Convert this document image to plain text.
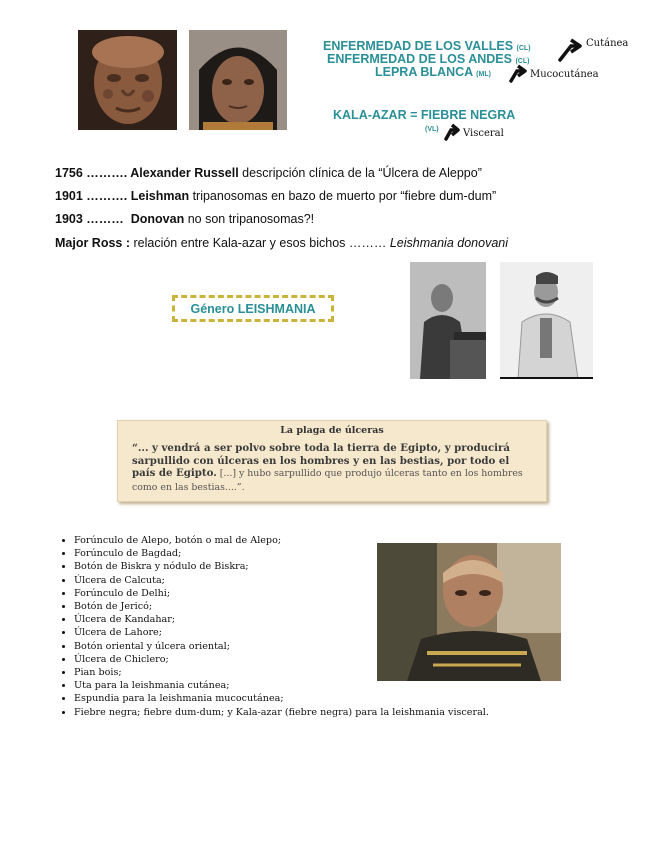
ENFERMEDAD DE LOS VALLES (CL)
ENFERMEDAD DE LOS ANDES (CL)
LEPRA BLANCA (ML)
Cutánea
Mucocutánea
KALA-AZAR = FIEBRE NEGRA
(VL) Visceral
1756 ………. Alexander Russell descripción clínica de la “Úlcera de Aleppo”
1901 ………. Leishman tripanosomas en bazo de muerto por “fiebre dum-dum”
1903 ………  Donovan no son tripanosomas?!
Major Ross : relación entre Kala-azar y esos bichos ……… Leishmania donovani
Género LEISHMANIA
La plaga de úlceras
“... y vendrá a ser polvo sobre toda la tierra de Egipto, y producirá sarpullido con úlceras en los hombres y en las bestias, por todo el país de Egipto. [...] y hubo sarpullido que produjo úlceras tanto en los hombres como en las bestias....”.
• Forúnculo de Alepo, botón o mal de Alepo;
• Forúnculo de Bagdad;
• Botón de Biskra y nódulo de Biskra;
• Úlcera de Calcuta;
• Forúnculo de Delhi;
• Botón de Jericó;
• Úlcera de Kandahar;
• Úlcera de Lahore;
• Botón oriental y úlcera oriental;
• Úlcera de Chiclero;
• Pian bois;
• Uta para la leishmania cutánea;
• Espundia para la leishmania mucocutánea;
• Fiebre negra; fiebre dum-dum; y Kala-azar (fiebre negra) para la leishmania visceral.
